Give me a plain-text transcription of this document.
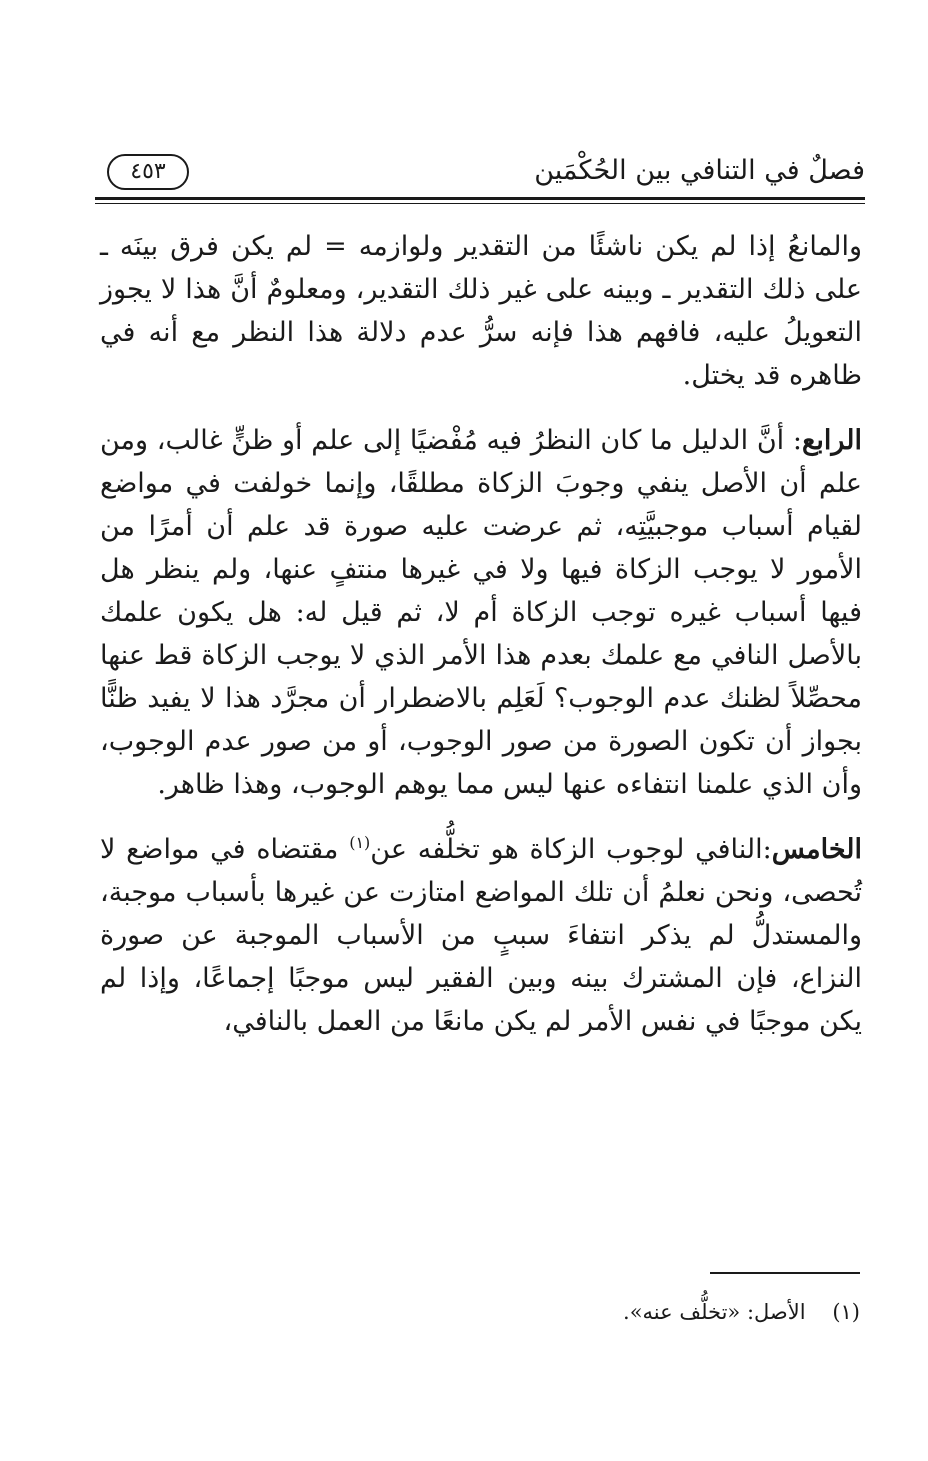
فصلٌ في التنافي بين الحُكْمَين
٤٥٣

والمانعُ إذا لم يكن ناشئًا من التقدير ولوازمه = لم يكن فرق بينَه ـ على ذلك التقدير ـ وبينه على غير ذلك التقدير، ومعلومٌ أنَّ هذا لا يجوز التعويلُ عليه، فافهم هذا فإنه سرُّ عدم دلالة هذا النظر مع أنه في ظاهره قد يختل.

الرابع: أنَّ الدليل ما كان النظرُ فيه مُفْضيًا إلى علم أو ظنٍّ غالب، ومن علم أن الأصل ينفي وجوبَ الزكاة مطلقًا، وإنما خولفت في مواضع لقيام أسباب موجبيَّتِه، ثم عرضت عليه صورة قد علم أن أمرًا من الأمور لا يوجب الزكاة فيها ولا في غيرها منتفٍ عنها، ولم ينظر هل فيها أسباب غيره توجب الزكاة أم لا، ثم قيل له: هل يكون علمك بالأصل النافي مع علمك بعدم هذا الأمر الذي لا يوجب الزكاة قط عنها محصِّلاً لظنك عدم الوجوب؟ لَعَلِم بالاضطرار أن مجرَّد هذا لا يفيد ظنًّا بجواز أن تكون الصورة من صور الوجوب، أو من صور عدم الوجوب، وأن الذي علمنا انتفاءه عنها ليس مما يوهم الوجوب، وهذا ظاهر.

الخامس:النافي لوجوب الزكاة هو تخلُّفه عن$^{(١)}$ مقتضاه في مواضع لا تُحصى، ونحن نعلمُ أن تلك المواضع امتازت عن غيرها بأسباب موجبة، والمستدلُّ لم يذكر انتفاءَ سببٍ من الأسباب الموجبة عن صورة النزاع، فإن المشترك بينه وبين الفقير ليس موجبًا إجماعًا، وإذا لم يكن موجبًا في نفس الأمر لم يكن مانعًا من العمل بالنافي،

(١)    الأصل: «تخلُّف عنه».
